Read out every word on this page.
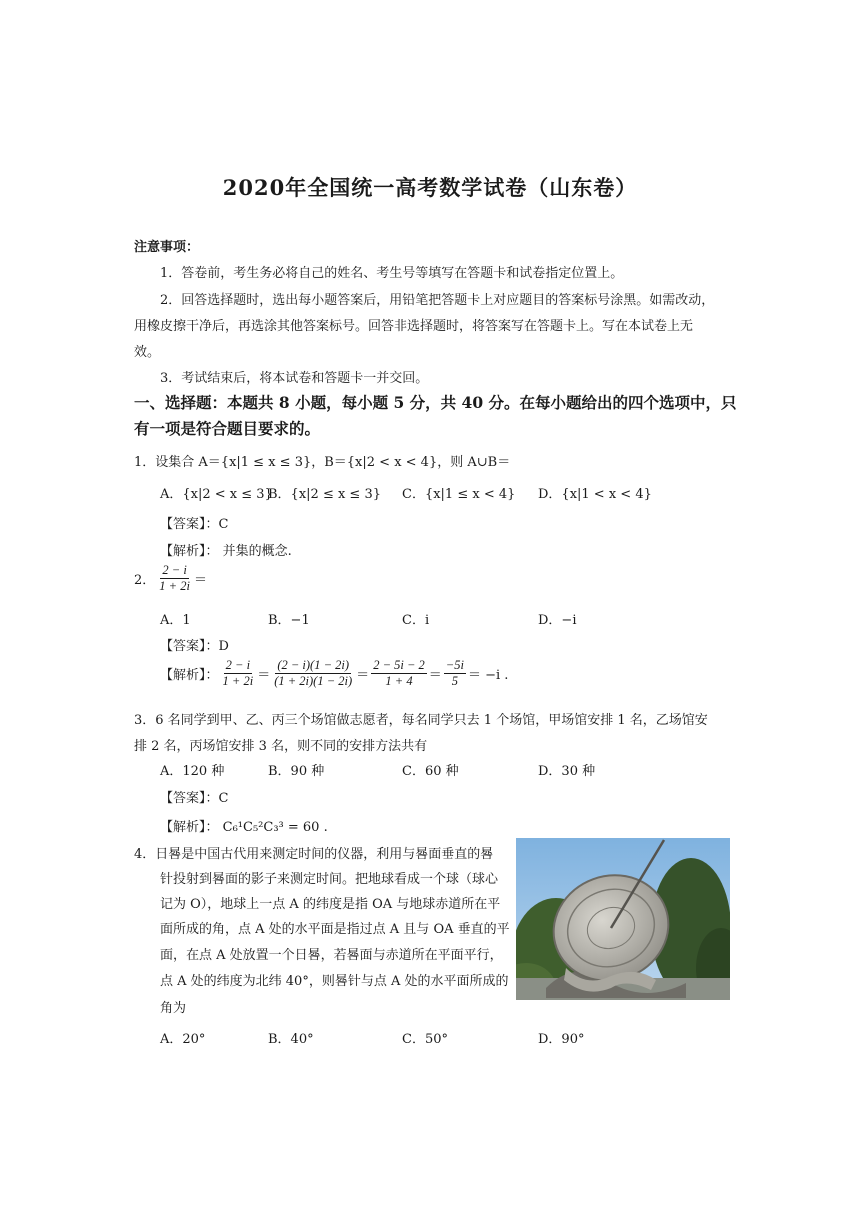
2020年全国统一高考数学试卷（山东卷）
注意事项：
1．答卷前，考生务必将自己的姓名、考生号等填写在答题卡和试卷指定位置上。
2．回答选择题时，选出每小题答案后，用铅笔把答题卡上对应题目的答案标号涂黑。如需改动，
用橡皮擦干净后，再选涂其他答案标号。回答非选择题时，将答案写在答题卡上。写在本试卷上无
效。
3．考试结束后，将本试卷和答题卡一并交回。
一、选择题：本题共 8 小题，每小题 5 分，共 40 分。在每小题给出的四个选项中，只
有一项是符合题目要求的。
1．设集合 A＝{x|1 ≤ x ≤ 3}，B＝{x|2 < x < 4}，则 A∪B＝
A．{x|2 < x ≤ 3}
B．{x|2 ≤ x ≤ 3} C．{x|1 ≤ x < 4} D．{x|1 < x < 4}
【答案】：C
【解析】： 并集的概念.
2． $\frac{2 - i}{1 + 2i}$ ＝
A．1	B．−1	C．i	D．−i
【答案】：D
【解析】： $\frac{2 - i}{1 + 2i} = \frac{(2 - i)(1 - 2i)}{(1 + 2i)(1 - 2i)} = \frac{2 - 5i - 2}{1 + 4} = \frac{-5i}{5} = -i$ .
3．6 名同学到甲、乙、丙三个场馆做志愿者，每名同学只去 1 个场馆，甲场馆安排 1 名，乙场馆安
排 2 名，丙场馆安排 3 名，则不同的安排方法共有
A．120 种	B．90 种	C．60 种	D．30 种
【答案】：C
【解析】： C₆¹C₅²C₃³ = 60 .
4．日晷是中国古代用来测定时间的仪器，利用与晷面垂直的晷
针投射到晷面的影子来测定时间。把地球看成一个球（球心
记为 O），地球上一点 A 的纬度是指 OA 与地球赤道所在平
面所成的角，点 A 处的水平面是指过点 A 且与 OA 垂直的平
面，在点 A 处放置一个日晷，若晷面与赤道所在平面平行，
点 A 处的纬度为北纬 40°，则晷针与点 A 处的水平面所成的
角为
A．20°	B．40°	C．50°	D．90°
